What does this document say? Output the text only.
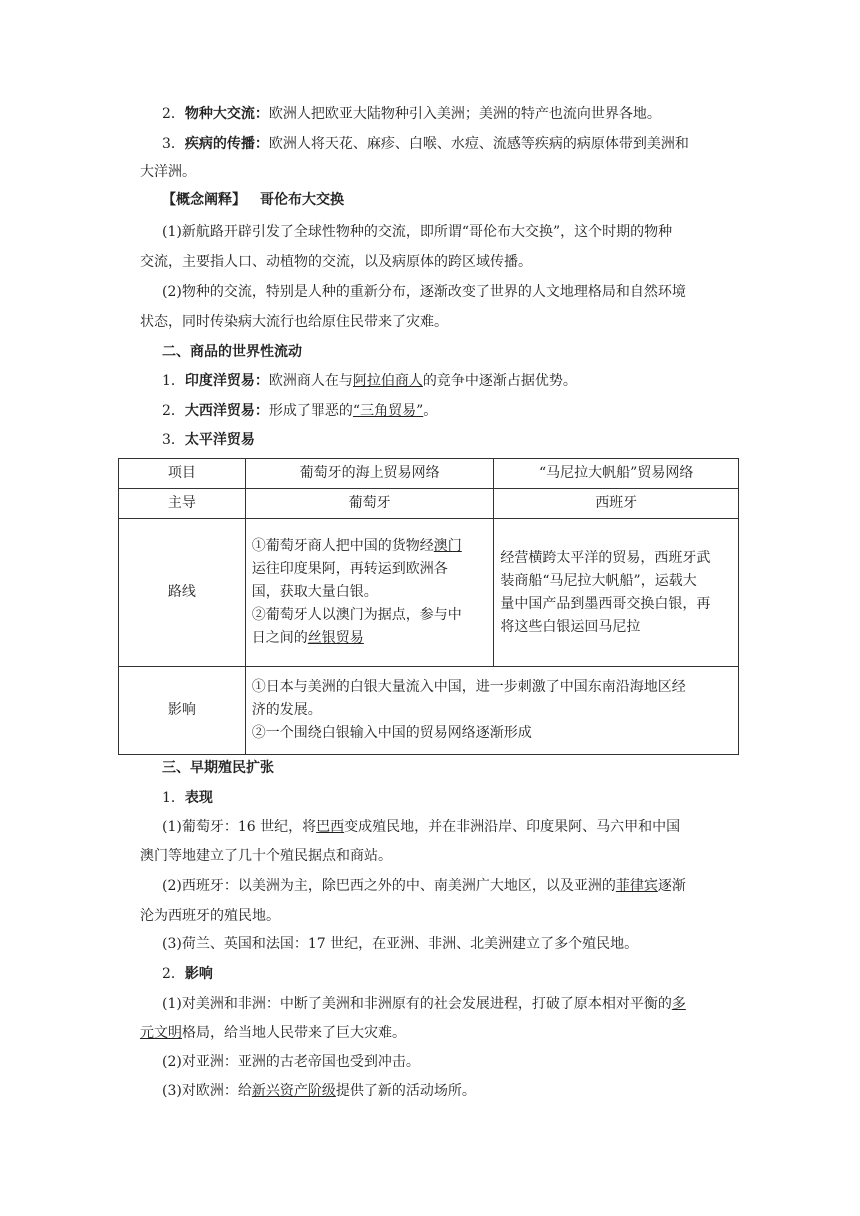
2．物种大交流：欧洲人把欧亚大陆物种引入美洲；美洲的特产也流向世界各地。
3．疾病的传播：欧洲人将天花、麻疹、白喉、水痘、流感等疾病的病原体带到美洲和
大洋洲。
【概念阐释】 哥伦布大交换
(1)新航路开辟引发了全球性物种的交流，即所谓“哥伦布大交换”，这个时期的物种
交流，主要指人口、动植物的交流，以及病原体的跨区域传播。
(2)物种的交流，特别是人种的重新分布，逐渐改变了世界的人文地理格局和自然环境
状态，同时传染病大流行也给原住民带来了灾难。
二、商品的世界性流动
1．印度洋贸易：欧洲商人在与阿拉伯商人的竞争中逐渐占据优势。
2．大西洋贸易：形成了罪恶的“三角贸易”。
3．太平洋贸易
项目	葡萄牙的海上贸易网络	“马尼拉大帆船”贸易网络
主导	葡萄牙	西班牙
路线	①葡萄牙商人把中国的货物经澳门
运往印度果阿，再转运到欧洲各
国，获取大量白银。
②葡萄牙人以澳门为据点，参与中
日之间的丝银贸易	经营横跨太平洋的贸易，西班牙武
装商船“马尼拉大帆船”，运载大
量中国产品到墨西哥交换白银，再
将这些白银运回马尼拉

影响	①日本与美洲的白银大量流入中国，进一步刺激了中国东南沿海地区经
济的发展。
②一个围绕白银输入中国的贸易网络逐渐形成	
三、早期殖民扩张
1．表现
(1)葡萄牙：16 世纪，将巴西变成殖民地，并在非洲沿岸、印度果阿、马六甲和中国
澳门等地建立了几十个殖民据点和商站。
(2)西班牙：以美洲为主，除巴西之外的中、南美洲广大地区，以及亚洲的菲律宾逐渐
沦为西班牙的殖民地。
(3)荷兰、英国和法国：17 世纪，在亚洲、非洲、北美洲建立了多个殖民地。
2．影响
(1)对美洲和非洲：中断了美洲和非洲原有的社会发展进程，打破了原本相对平衡的多
元文明格局，给当地人民带来了巨大灾难。
(2)对亚洲：亚洲的古老帝国也受到冲击。
(3)对欧洲：给新兴资产阶级提供了新的活动场所。
